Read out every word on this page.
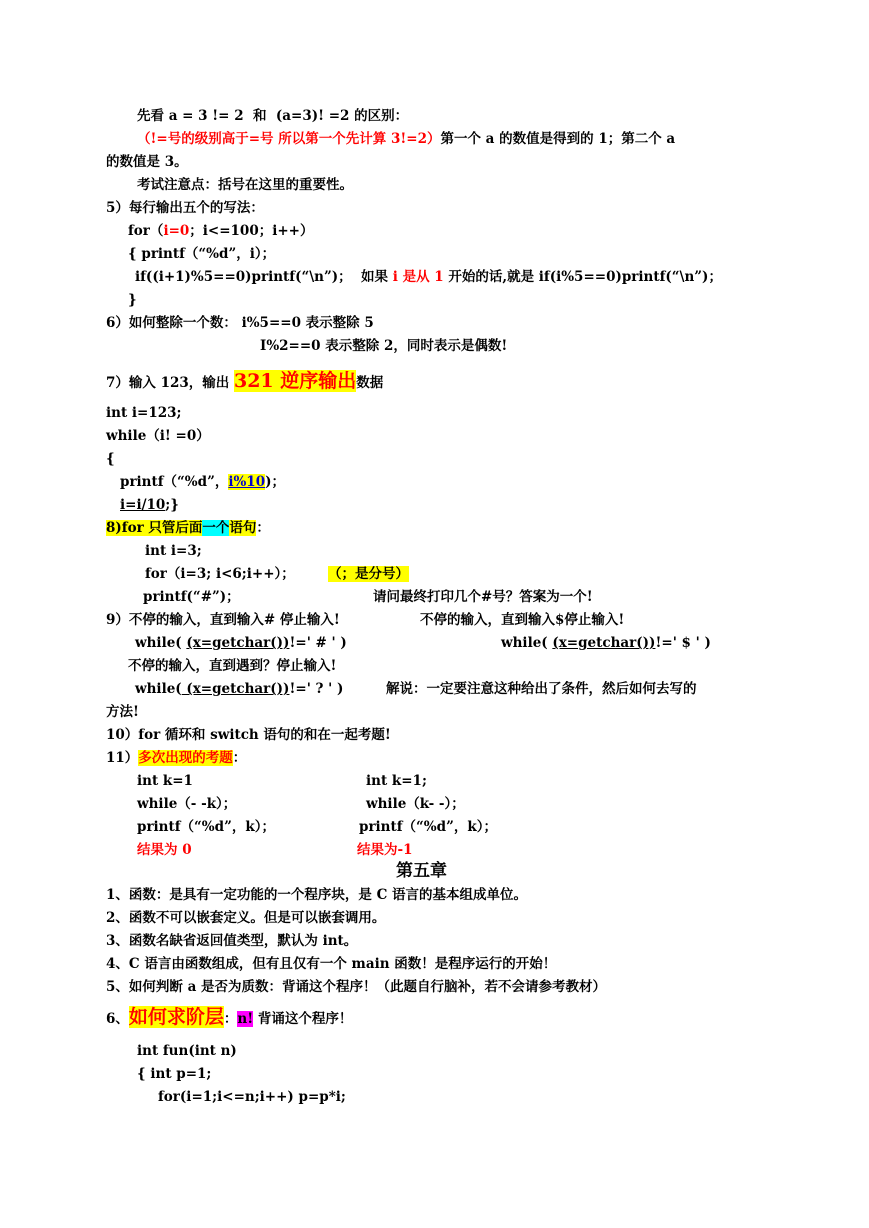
先看 a = 3 != 2  和  (a=3)! =2 的区别：
（!=号的级别高于=号 所以第一个先计算 3!=2）第一个 a 的数值是得到的 1；第二个 a
的数值是 3。
考试注意点：括号在这里的重要性。
5）每行输出五个的写法：
for（i=0；i<=100；i++）
{ printf（“%d”，i）；
if((i+1)%5==0)printf(“\n”)；  如果 i 是从 1 开始的话,就是 if(i%5==0)printf(“\n”)；
}
6）如何整除一个数： i%5==0 表示整除 5
I%2==0 表示整除 2，同时表示是偶数!
7）输入 123，输出 321 逆序输出数据
int i=123;
while（i! =0）
{
printf（“%d”，i%10)；
i=i/10;}
8)for 只管后面一个语句：
int i=3;
for（i=3; i<6;i++）； （；是分号）
printf(“#”)；	请问最终打印几个#号？答案为一个!
9）不停的输入，直到输入# 停止输入!	不停的输入，直到输入$停止输入!
while( (x=getchar())!=' # ' )	while( (x=getchar())!=' $ ' )
不停的输入，直到遇到？停止输入!
while( (x=getchar())!=' ? ' )	解说：一定要注意这种给出了条件，然后如何去写的
方法!
10）for 循环和 switch 语句的和在一起考题!
11）多次出现的考题：
int k=1	int k=1;
while（- -k）；	while（k- -）；
printf（“%d”，k）；	printf（“%d”，k）；
结果为 0	结果为-1
第五章
1、函数：是具有一定功能的一个程序块，是 C 语言的基本组成单位。
2、函数不可以嵌套定义。但是可以嵌套调用。
3、函数名缺省返回值类型，默认为 int。
4、C 语言由函数组成，但有且仅有一个 main 函数！是程序运行的开始！
5、如何判断 a 是否为质数：背诵这个程序！（此题自行脑补，若不会请参考教材）
6、如何求阶层：n! 背诵这个程序！
int fun(int n)
{ int p=1;
for(i=1;i<=n;i++) p=p*i;
